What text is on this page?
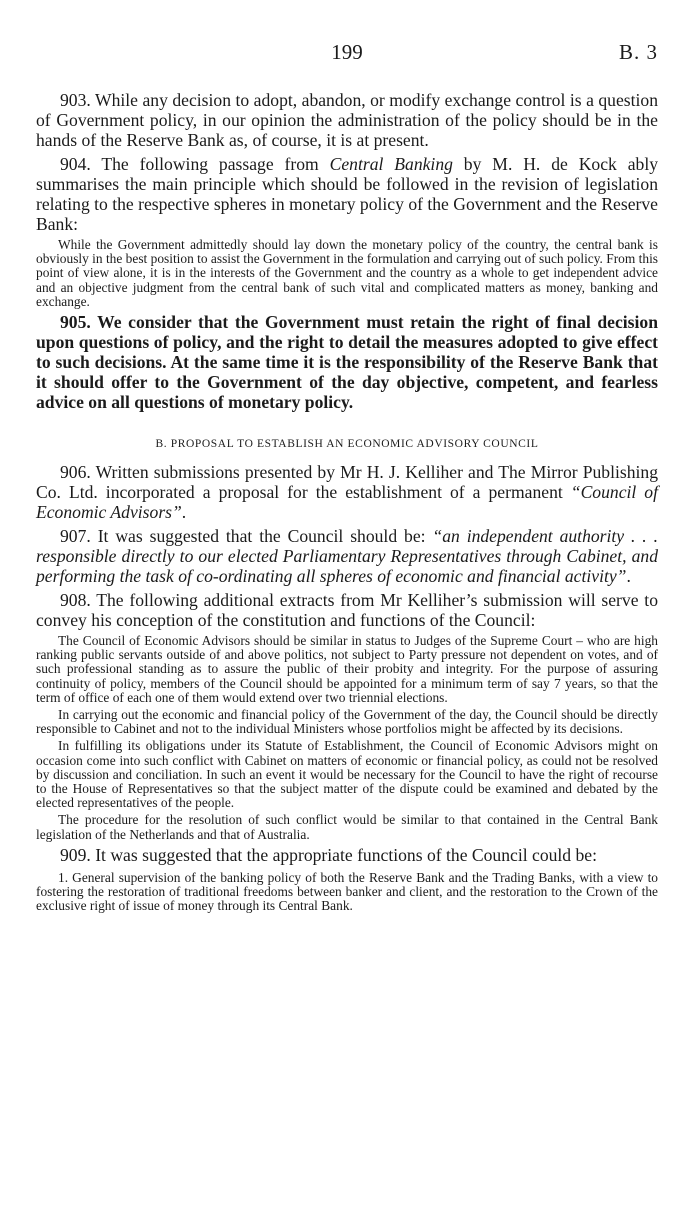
199	B. 3

903. While any decision to adopt, abandon, or modify exchange control is a question of Government policy, in our opinion the administration of the policy should be in the hands of the Reserve Bank as, of course, it is at present.

904. The following passage from Central Banking by M. H. de Kock ably summarises the main principle which should be followed in the revision of legislation relating to the respective spheres in monetary policy of the Government and the Reserve Bank:

While the Government admittedly should lay down the monetary policy of the country, the central bank is obviously in the best position to assist the Government in the formulation and carrying out of such policy. From this point of view alone, it is in the interests of the Government and the country as a whole to get independent advice and an objective judgment from the central bank of such vital and complicated matters as money, banking and exchange.

905. We consider that the Government must retain the right of final decision upon questions of policy, and the right to detail the measures adopted to give effect to such decisions. At the same time it is the responsibility of the Reserve Bank that it should offer to the Government of the day objective, competent, and fearless advice on all questions of monetary policy.

B. PROPOSAL TO ESTABLISH AN ECONOMIC ADVISORY COUNCIL

906. Written submissions presented by Mr H. J. Kelliher and The Mirror Publishing Co. Ltd. incorporated a proposal for the establishment of a permanent “Council of Economic Advisors”.

907. It was suggested that the Council should be: “an independent authority . . . responsible directly to our elected Parliamentary Representatives through Cabinet, and performing the task of co-ordinating all spheres of economic and financial activity”.

908. The following additional extracts from Mr Kelliher’s submission will serve to convey his conception of the constitution and functions of the Council:

The Council of Economic Advisors should be similar in status to Judges of the Supreme Court – who are high ranking public servants outside of and above politics, not subject to Party pressure not dependent on votes, and of such professional standing as to assure the public of their probity and integrity. For the purpose of assuring continuity of policy, members of the Council should be appointed for a minimum term of say 7 years, so that the term of office of each one of them would extend over two triennial elections.

In carrying out the economic and financial policy of the Government of the day, the Council should be directly responsible to Cabinet and not to the individual Ministers whose portfolios might be affected by its decisions.

In fulfilling its obligations under its Statute of Establishment, the Council of Economic Advisors might on occasion come into such conflict with Cabinet on matters of economic or financial policy, as could not be resolved by discussion and conciliation. In such an event it would be necessary for the Council to have the right of recourse to the House of Representatives so that the subject matter of the dispute could be examined and debated by the elected representatives of the people.

The procedure for the resolution of such conflict would be similar to that contained in the Central Bank legislation of the Netherlands and that of Australia.

909. It was suggested that the appropriate functions of the Council could be:

1. General supervision of the banking policy of both the Reserve Bank and the Trading Banks, with a view to fostering the restoration of traditional freedoms between banker and client, and the restoration to the Crown of the exclusive right of issue of money through its Central Bank.
